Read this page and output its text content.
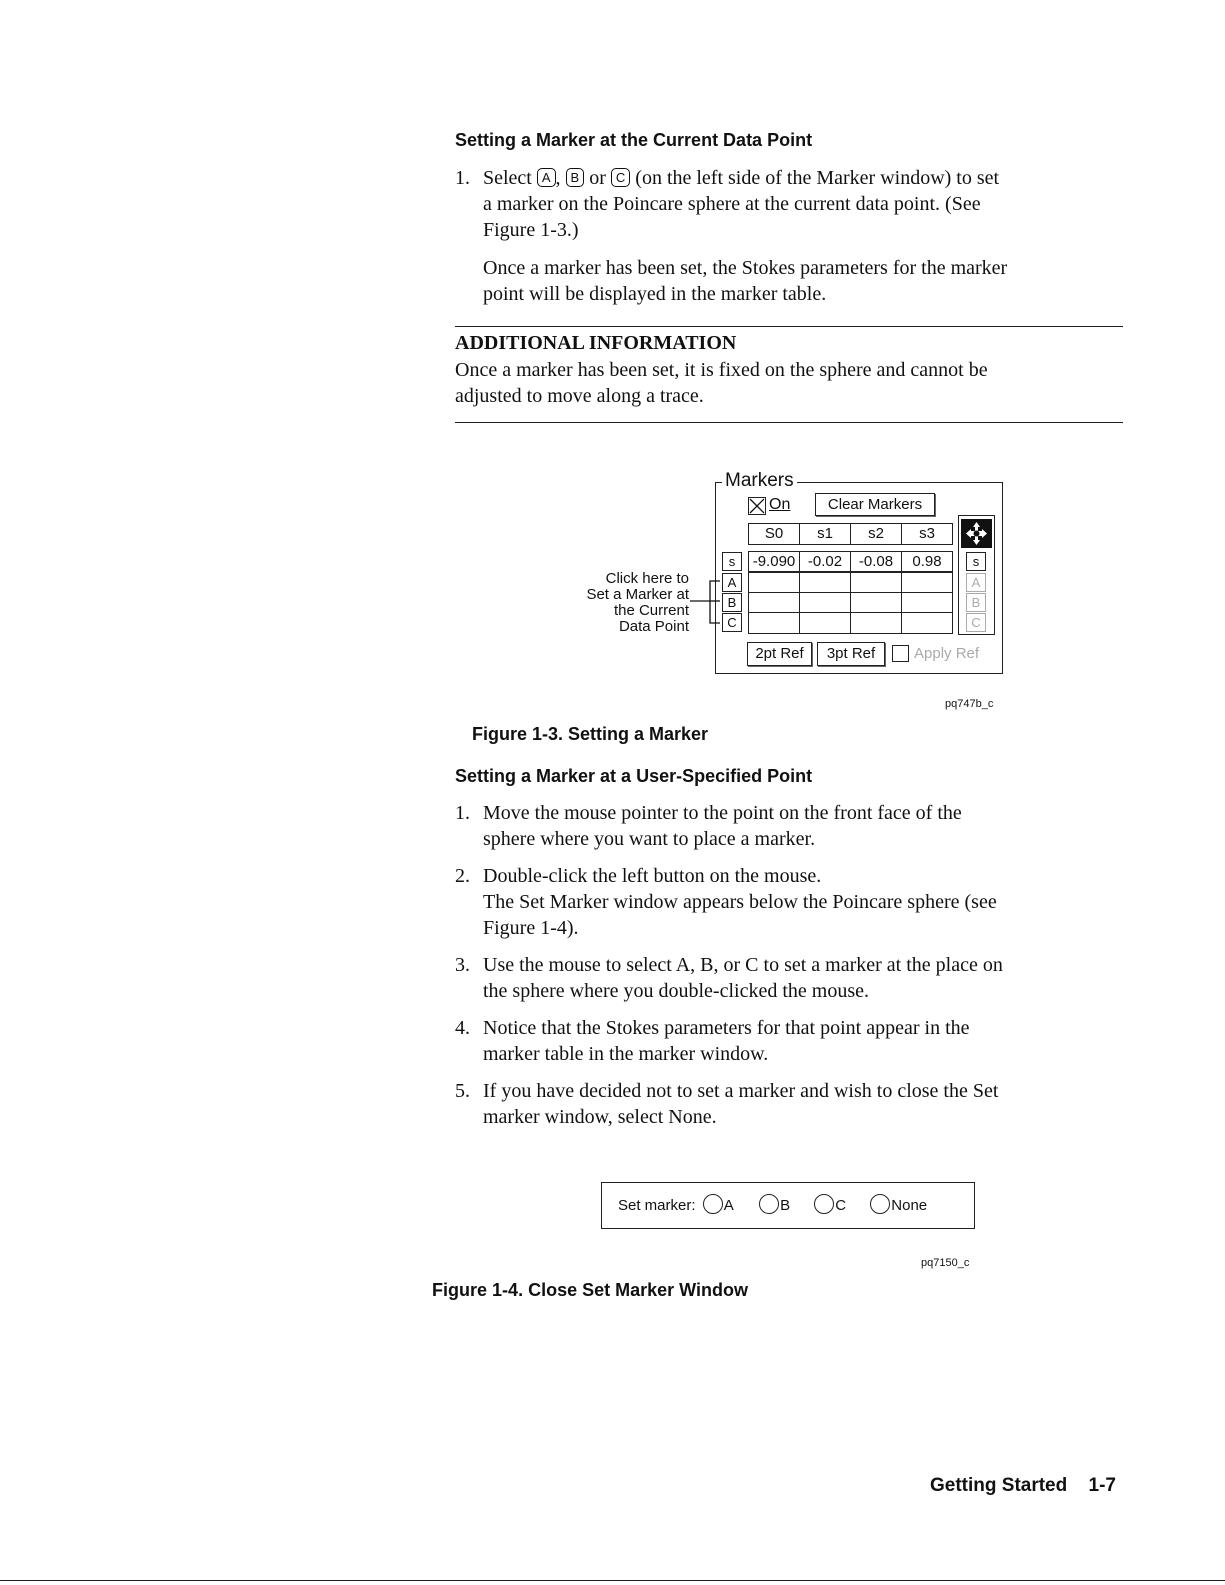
Setting a Marker at the Current Data Point
1. Select A , B or C (on the left side of the Marker window) to set
a marker on the Poincare sphere at the current data point. (See
Figure 1-3.)
Once a marker has been set, the Stokes parameters for the marker
point will be displayed in the marker table.
ADDITIONAL INFORMATION
Once a marker has been set, it is fixed on the sphere and cannot be
adjusted to move along a trace.
Markers
On	Clear Markers
S0	s1	s2	s3
-9.090 -0.02	-0.08	0.98
s
A
B
C
s
A
B
C
2pt Ref	3pt Ref	Apply Ref
Click here to
Set a Marker at
the Current
Data Point
pq747b_c
Figure 1-3. Setting a Marker
Setting a Marker at a User-Specified Point
1. Move the mouse pointer to the point on the front face of the
sphere where you want to place a marker.
2. Double-click the left button on the mouse.
The Set Marker window appears below the Poincare sphere (see
Figure 1-4).
3. Use the mouse to select A, B, or C to set a marker at the place on
the sphere where you double-clicked the mouse.
4. Notice that the Stokes parameters for that point appear in the
marker table in the marker window.
5. If you have decided not to set a marker and wish to close the Set
marker window, select None.
Set marker: A	B	C	None
pq7150_c
Figure 1-4. Close Set Marker Window
Getting Started 1-7
